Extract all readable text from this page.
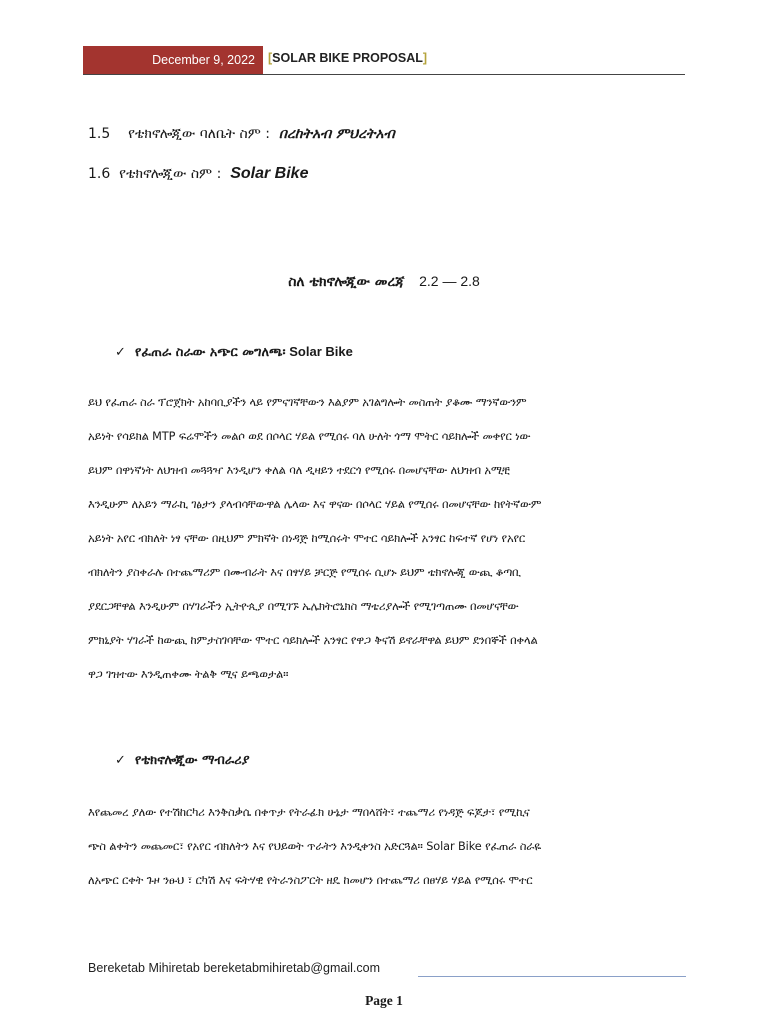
December 9, 2022 [SOLAR BIKE PROPOSAL]
1.5 የቴክኖሎጂው ባለቤት ስም : በረከትአብ ምህረትአብ
1.6 የቴክኖሎጂው ስም : Solar Bike
ስለ ቴክኖሎጂው መረጃ 2.2 — 2.8
✓ የፈጠራ ስራው አጭር መግለጫ፡ Solar Bike
ይህ የፈጠራ ስራ ፕሮጀክት አከባቢያችን ላይ የምናገኛቸውን እልያም አገልግሎት መስጠት ያቆሙ ማንኛውንም
አይነት የሳይክል MTP ፍሬሞችን መልሶ ወደ በሶላር ሃይል የሚሰሩ ባለ ሁለት ጎማ ሞትር ሳይክሎች መቀየር ነው
ይህም በዋነኛነት ለህዝብ መጓጓዣ እንዲሆን ቀለል ባለ ዲዛይን ተደርጎ የሚሰሩ በመሆናቸው ለህዝብ አሚቺ
እንዲሁም ለአይን ማራኪ ገፅታን ያላብሳቸውዋል ሌላው እና ዋናው በሶላር ሃይል የሚሰሩ በመሆናቸው ከየትኛውም
አይነት አየር ብክለት ነፃ ናቸው በዚህም ምክኛት በነዳጅ ከሚሰሩት ሞተር ሳይክሎች አንፃር ከፍተኛ የሆነ የአየር
ብክለትን ያስቀራሉ በተጨማሪም በሙብራት እና በፃሃይ ቻርጅ የሚሰሩ ሲሆኑ ይህም ቴክኖሎጂ ውጪ ቆጣቢ
ያደርጋቸዋል እንዲሁም በሃገራችን ኢትዮጲያ በሚገኙ ኤሌክትሮኒክስ ማቴሪያሎች የሚገጣጠሙ በመሆናቸው
ምክኒያት ሃገራች ከውጪ ከምታስገባቸው ሞተር ሳይክሎች አንፃር የዋጋ ቅናሽ ይኖራቸዋል ይህም ደንበኞች በቀላል
ዋጋ ገዝተው እንዲጠቀሙ ትልቅ ሚና ይጫወታል።
✓ የቴክኖሎጂው ማብራሪያ
እየጨመረ ያለው የተሽከርካሪ እንቅስቃሴ በቀጥታ የትራፊክ ሁኔታ ማበላሸት፣ ተጨማሪ የነዳጅ ፍጆታ፣ የሚኪና
ጭስ ልቀትን መጨመር፣ የአየር ብክለትን እና የህይወት ጥራትን እንዲቀንስ አድርጓል። Solar Bike የፈጠራ ስራዬ
ለአጭር ርቀት ጉዞ ንፁህ ፣ ርካሽ እና ፍትሃዊ የትራንስፖርት ዘዴ ከመሆን በተጨማሪ በፀሃይ ሃይል የሚሰሩ ሞተር
Bereketab Mihiretab bereketabmihiretab@gmail.com
Page 1
